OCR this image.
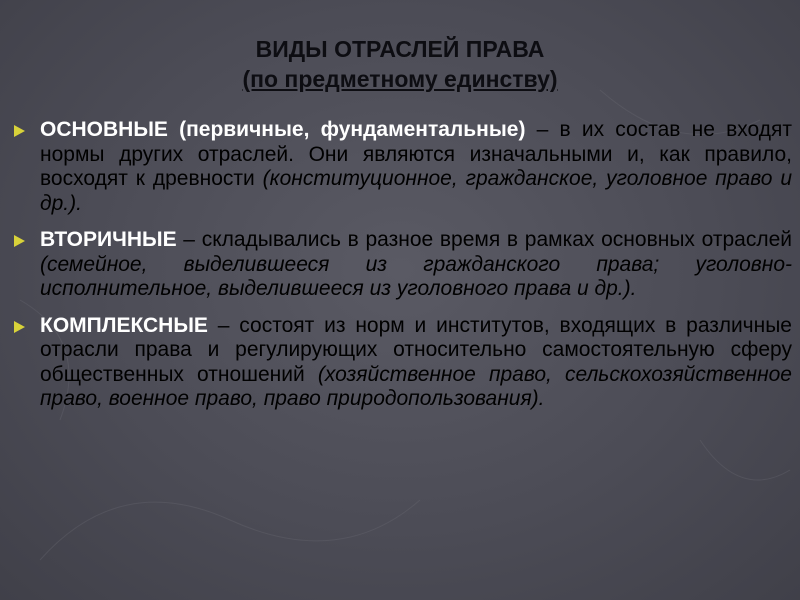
ВИДЫ ОТРАСЛЕЙ ПРАВА
(по предметному единству)
ОСНОВНЫЕ (первичные, фундаментальные) – в их состав не входят нормы других отраслей. Они являются изначальными и, как правило, восходят к древности (конституционное, гражданское, уголовное право и др.).
ВТОРИЧНЫЕ – складывались в разное время в рамках основных отраслей (семейное, выделившееся из гражданского права; уголовно-исполнительное, выделившееся из уголовного права и др.).
КОМПЛЕКСНЫЕ – состоят из норм и институтов, входящих в различные отрасли права и регулирующих относительно самостоятельную сферу общественных отношений (хозяйственное право, сельскохозяйственное право, военное право, право природопользования).
